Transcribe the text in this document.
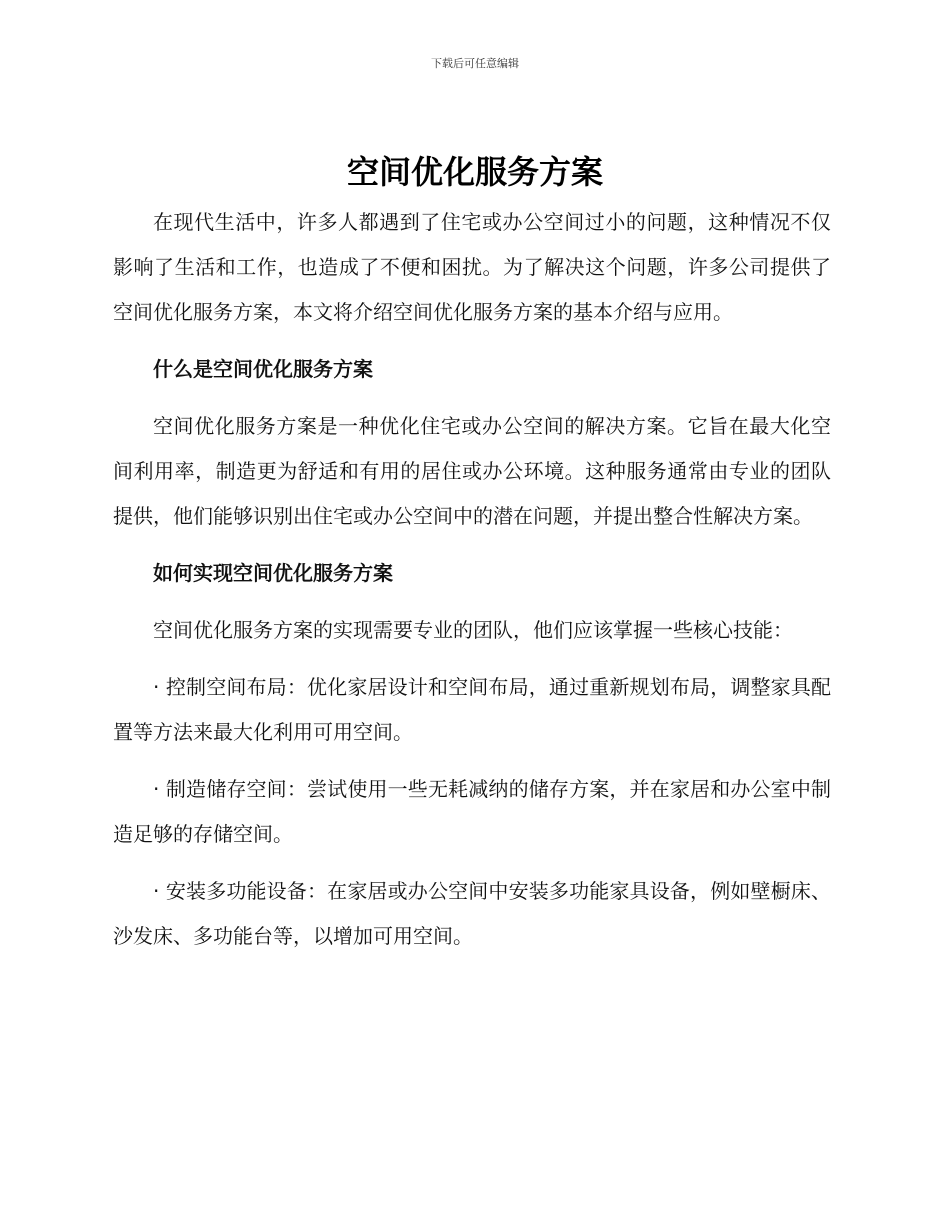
下载后可任意编辑
空间优化服务方案

在现代生活中，许多人都遇到了住宅或办公空间过小的问题，这种情况不仅影响了生活和工作，也造成了不便和困扰。为了解决这个问题，许多公司提供了空间优化服务方案，本文将介绍空间优化服务方案的基本介绍与应用。

什么是空间优化服务方案

空间优化服务方案是一种优化住宅或办公空间的解决方案。它旨在最大化空间利用率，制造更为舒适和有用的居住或办公环境。这种服务通常由专业的团队提供，他们能够识别出住宅或办公空间中的潜在问题，并提出整合性解决方案。

如何实现空间优化服务方案

空间优化服务方案的实现需要专业的团队，他们应该掌握一些核心技能：

· 控制空间布局：优化家居设计和空间布局，通过重新规划布局，调整家具配置等方法来最大化利用可用空间。

· 制造储存空间：尝试使用一些无耗减纳的储存方案，并在家居和办公室中制造足够的存储空间。

· 安装多功能设备：在家居或办公空间中安装多功能家具设备，例如壁橱床、沙发床、多功能台等，以增加可用空间。
